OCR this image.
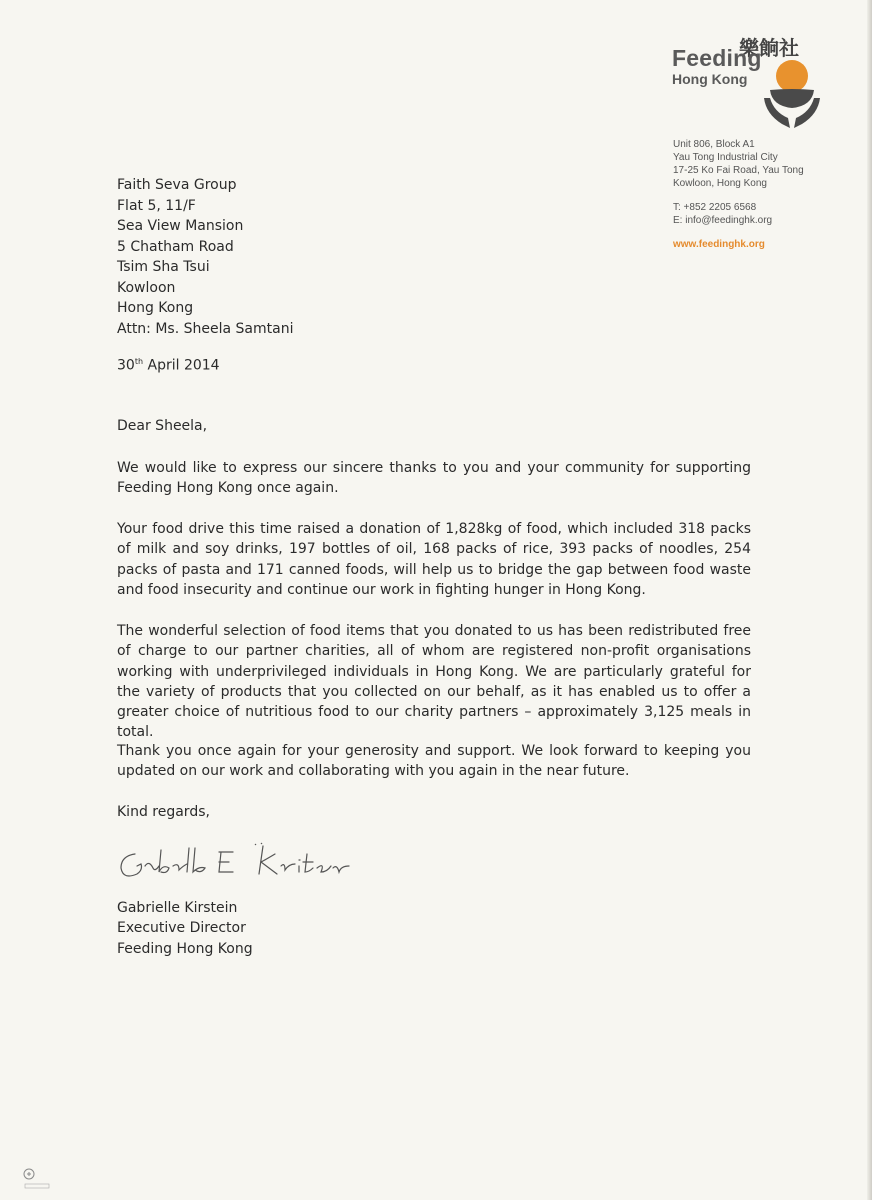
樂餉社
Feeding
Hong Kong
Unit 806, Block A1
Yau Tong Industrial City
17-25 Ko Fai Road, Yau Tong
Kowloon, Hong Kong
T: +852 2205 6568
E: info@feedinghk.org
www.feedinghk.org
Faith Seva Group
Flat 5, 11/F
Sea View Mansion
5 Chatham Road
Tsim Sha Tsui
Kowloon
Hong Kong
Attn: Ms. Sheela Samtani
30th April 2014
Dear Sheela,

We would like to express our sincere thanks to you and your community for supporting Feeding Hong Kong once again.

Your food drive this time raised a donation of 1,828kg of food, which included 318 packs of milk and soy drinks, 197 bottles of oil, 168 packs of rice, 393 packs of noodles, 254 packs of pasta and 171 canned foods, will help us to bridge the gap between food waste and food insecurity and continue our work in fighting hunger in Hong Kong.

The wonderful selection of food items that you donated to us has been redistributed free of charge to our partner charities, all of whom are registered non-profit organisations working with underprivileged individuals in Hong Kong. We are particularly grateful for the variety of products that you collected on our behalf, as it has enabled us to offer a greater choice of nutritious food to our charity partners – approximately 3,125 meals in total.

Thank you once again for your generosity and support. We look forward to keeping you updated on our work and collaborating with you again in the near future.

Kind regards,
Gabrielle Kirstein
Executive Director
Feeding Hong Kong
